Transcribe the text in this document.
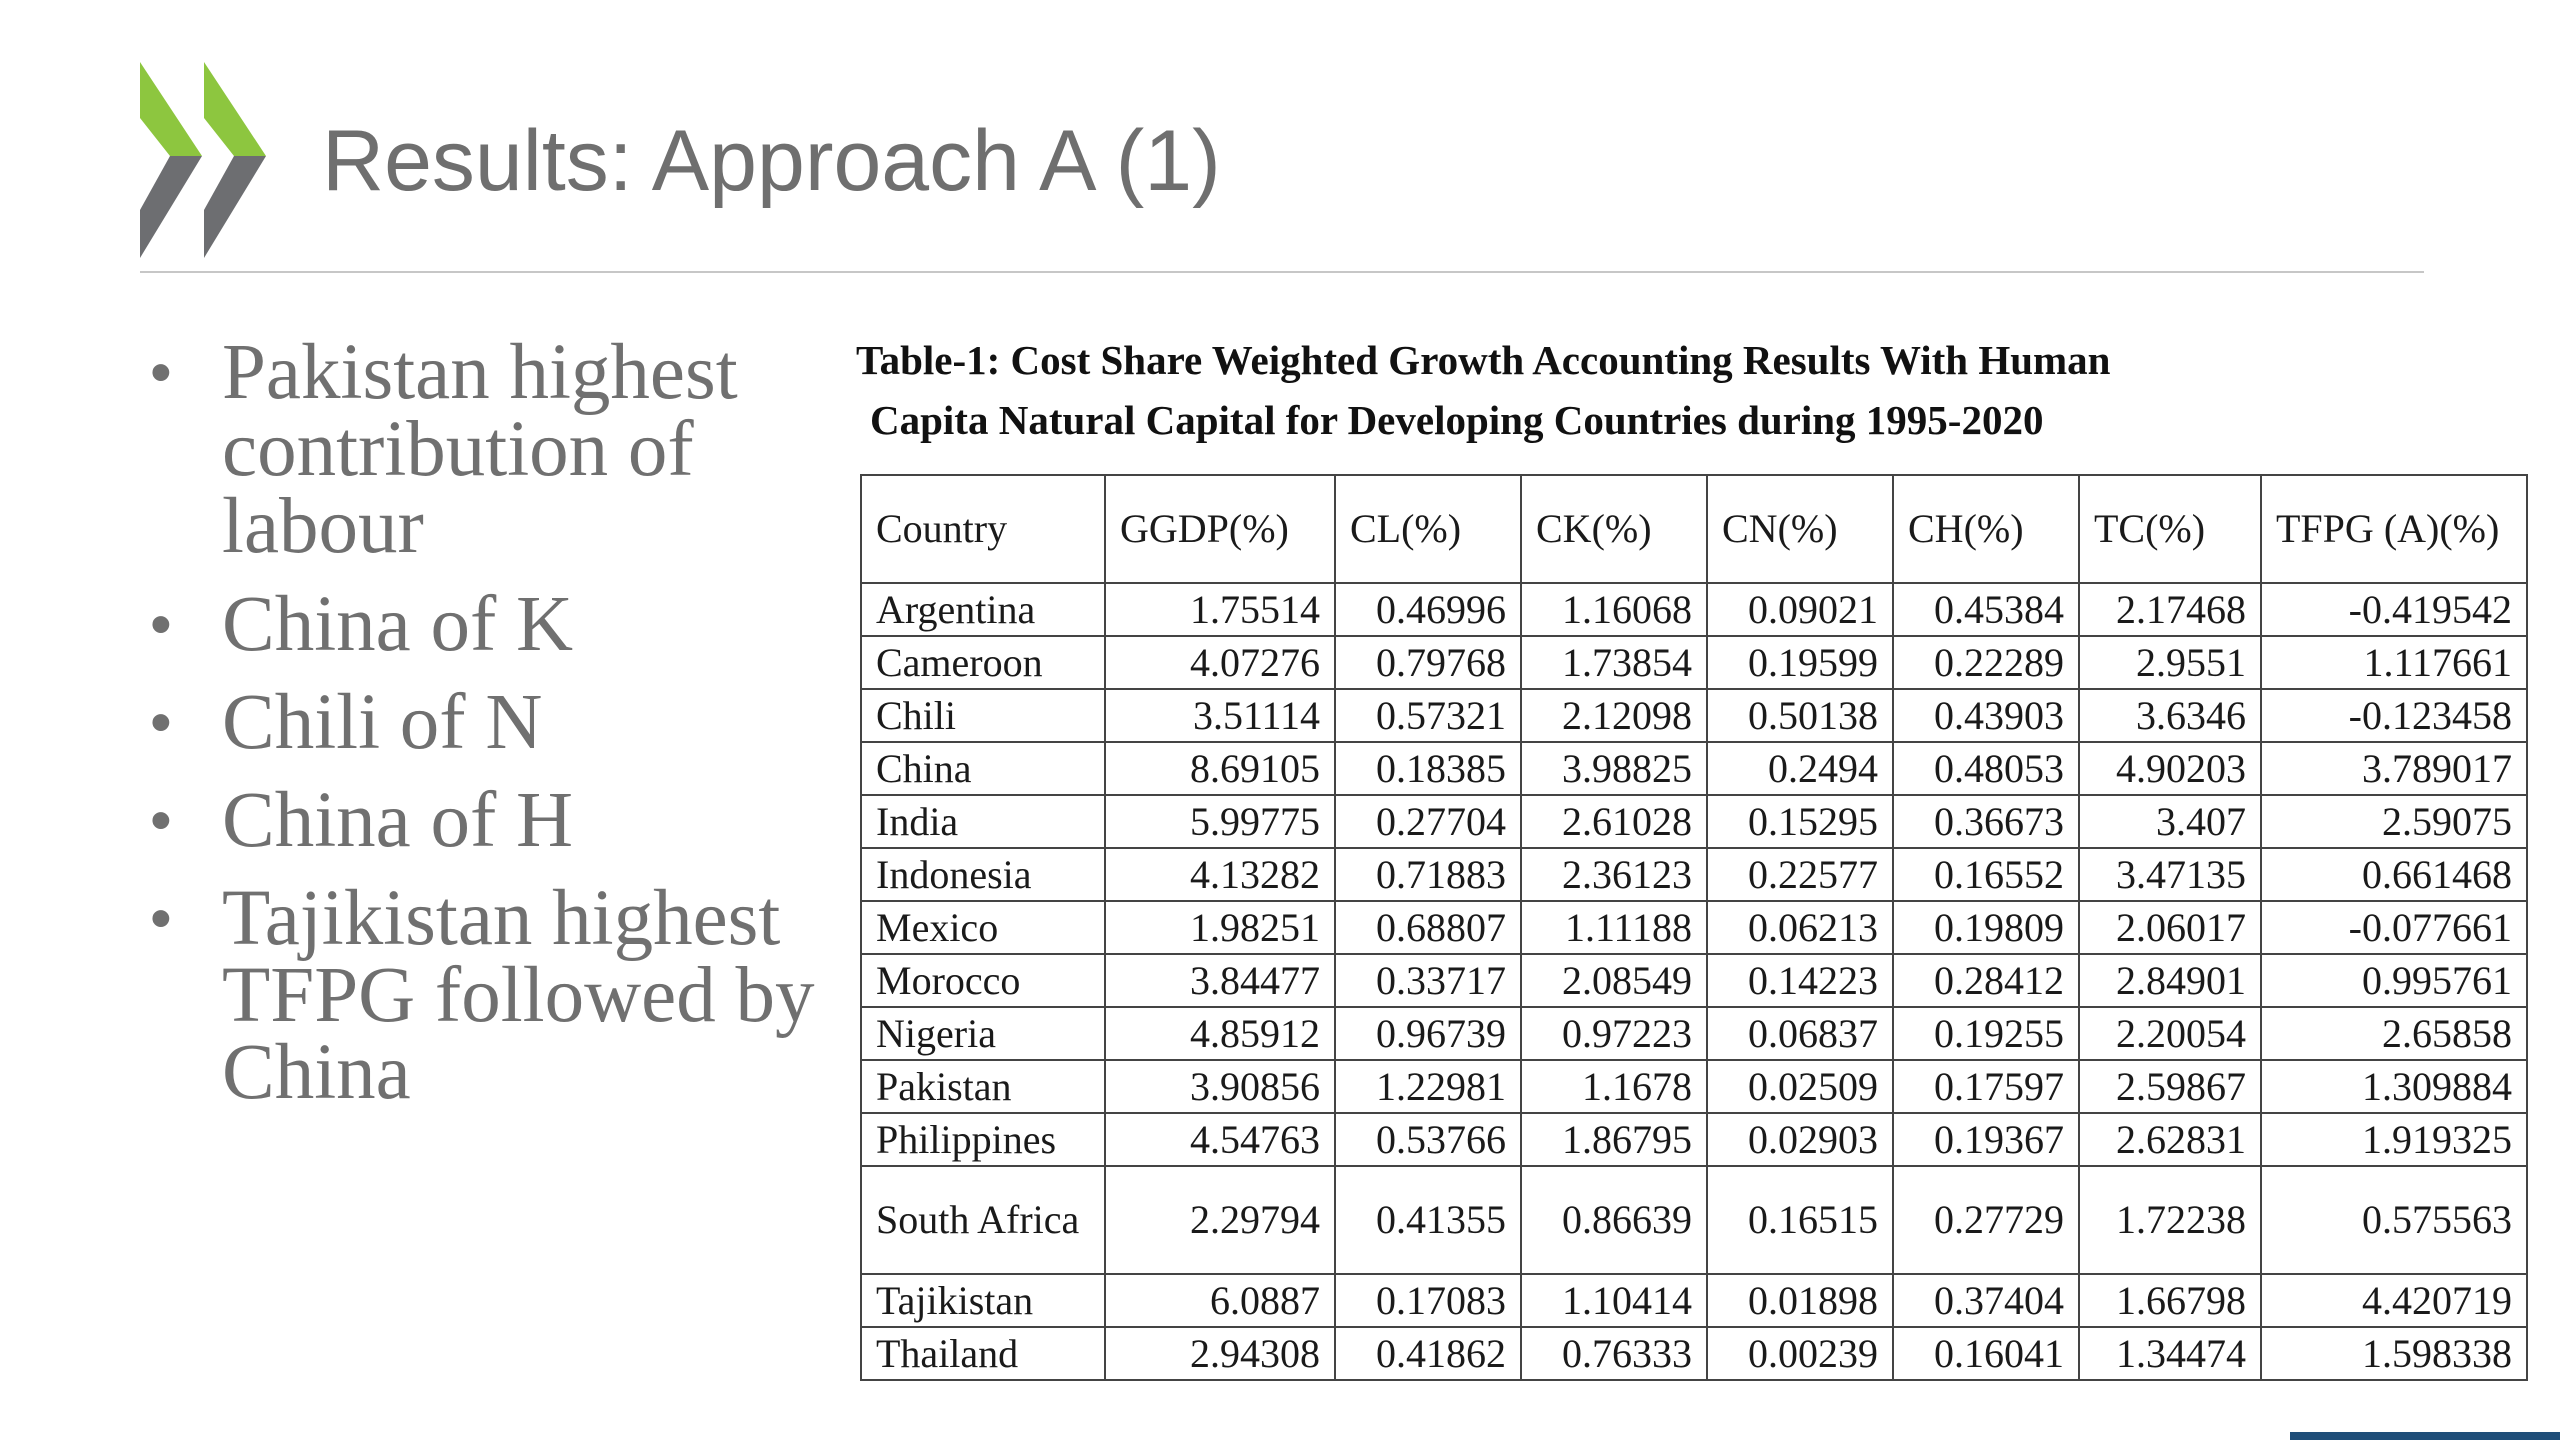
Results: Approach A (1)
• Pakistan highest contribution of labour
• China of K
• Chili of N
• China of H
• Tajikistan highest TFPG followed by China
Table-1: Cost Share Weighted Growth Accounting Results With Human
Capita Natural Capital for Developing Countries during 1995-2020
Country	GGDP(%)	CL(%)	CK(%)	CN(%)	CH(%)	TC(%)	TFPG (A)(%)
Argentina	1.75514	0.46996	1.16068	0.09021	0.45384	2.17468	-0.419542
Cameroon	4.07276	0.79768	1.73854	0.19599	0.22289	2.9551	1.117661
Chili	3.51114	0.57321	2.12098	0.50138	0.43903	3.6346	-0.123458
China	8.69105	0.18385	3.98825	0.2494	0.48053	4.90203	3.789017
India	5.99775	0.27704	2.61028	0.15295	0.36673	3.407	2.59075
Indonesia	4.13282	0.71883	2.36123	0.22577	0.16552	3.47135	0.661468
Mexico	1.98251	0.68807	1.11188	0.06213	0.19809	2.06017	-0.077661
Morocco	3.84477	0.33717	2.08549	0.14223	0.28412	2.84901	0.995761
Nigeria	4.85912	0.96739	0.97223	0.06837	0.19255	2.20054	2.65858
Pakistan	3.90856	1.22981	1.1678	0.02509	0.17597	2.59867	1.309884
Philippines	4.54763	0.53766	1.86795	0.02903	0.19367	2.62831	1.919325
South Africa	2.29794	0.41355	0.86639	0.16515	0.27729	1.72238	0.575563
Tajikistan	6.0887	0.17083	1.10414	0.01898	0.37404	1.66798	4.420719
Thailand	2.94308	0.41862	0.76333	0.00239	0.16041	1.34474	1.598338
